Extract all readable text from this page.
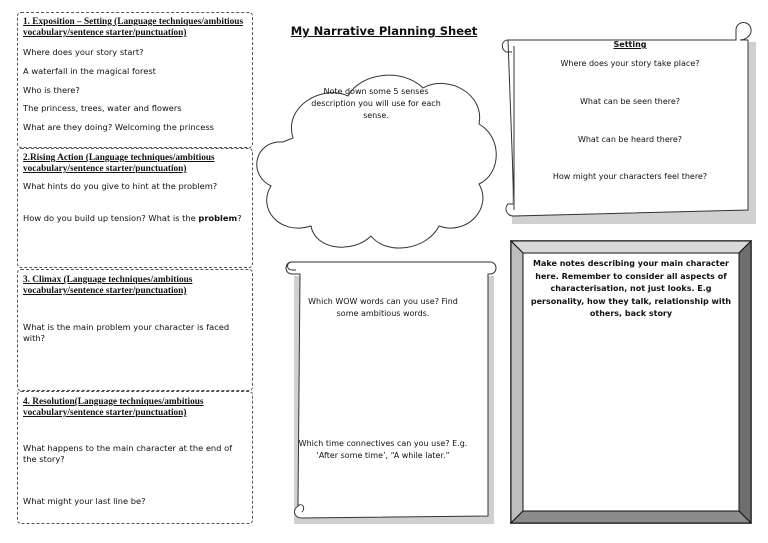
My Narrative Planning Sheet
1. Exposition – Setting (Language techniques/ambitious vocabulary/sentence starter/punctuation)
Where does your story start?
A waterfall in the magical forest
Who is there?
The princess, trees, water and flowers
What are they doing? Welcoming the princess
2.Rising Action (Language techniques/ambitious vocabulary/sentence starter/punctuation)
What hints do you give to hint at the problem?
How do you build up tension? What is the problem?
3. Climax (Language techniques/ambitious vocabulary/sentence starter/punctuation)
What is the main problem your character is faced with?
4. Resolution(Language techniques/ambitious vocabulary/sentence starter/punctuation)
What happens to the main character at the end of the story?
What might your last line be?
Note down some 5 senses description you will use for each sense.
Setting
Where does your story take place?
What can be seen there?
What can be heard there?
How might your characters feel there?
Which WOW words can you use? Find some ambitious words.
Which time connectives can you use? E.g. ‘After some time’, “A while later.”
Make notes describing your main character here. Remember to consider all aspects of characterisation, not just looks. E.g personality, how they talk, relationship with others, back story
